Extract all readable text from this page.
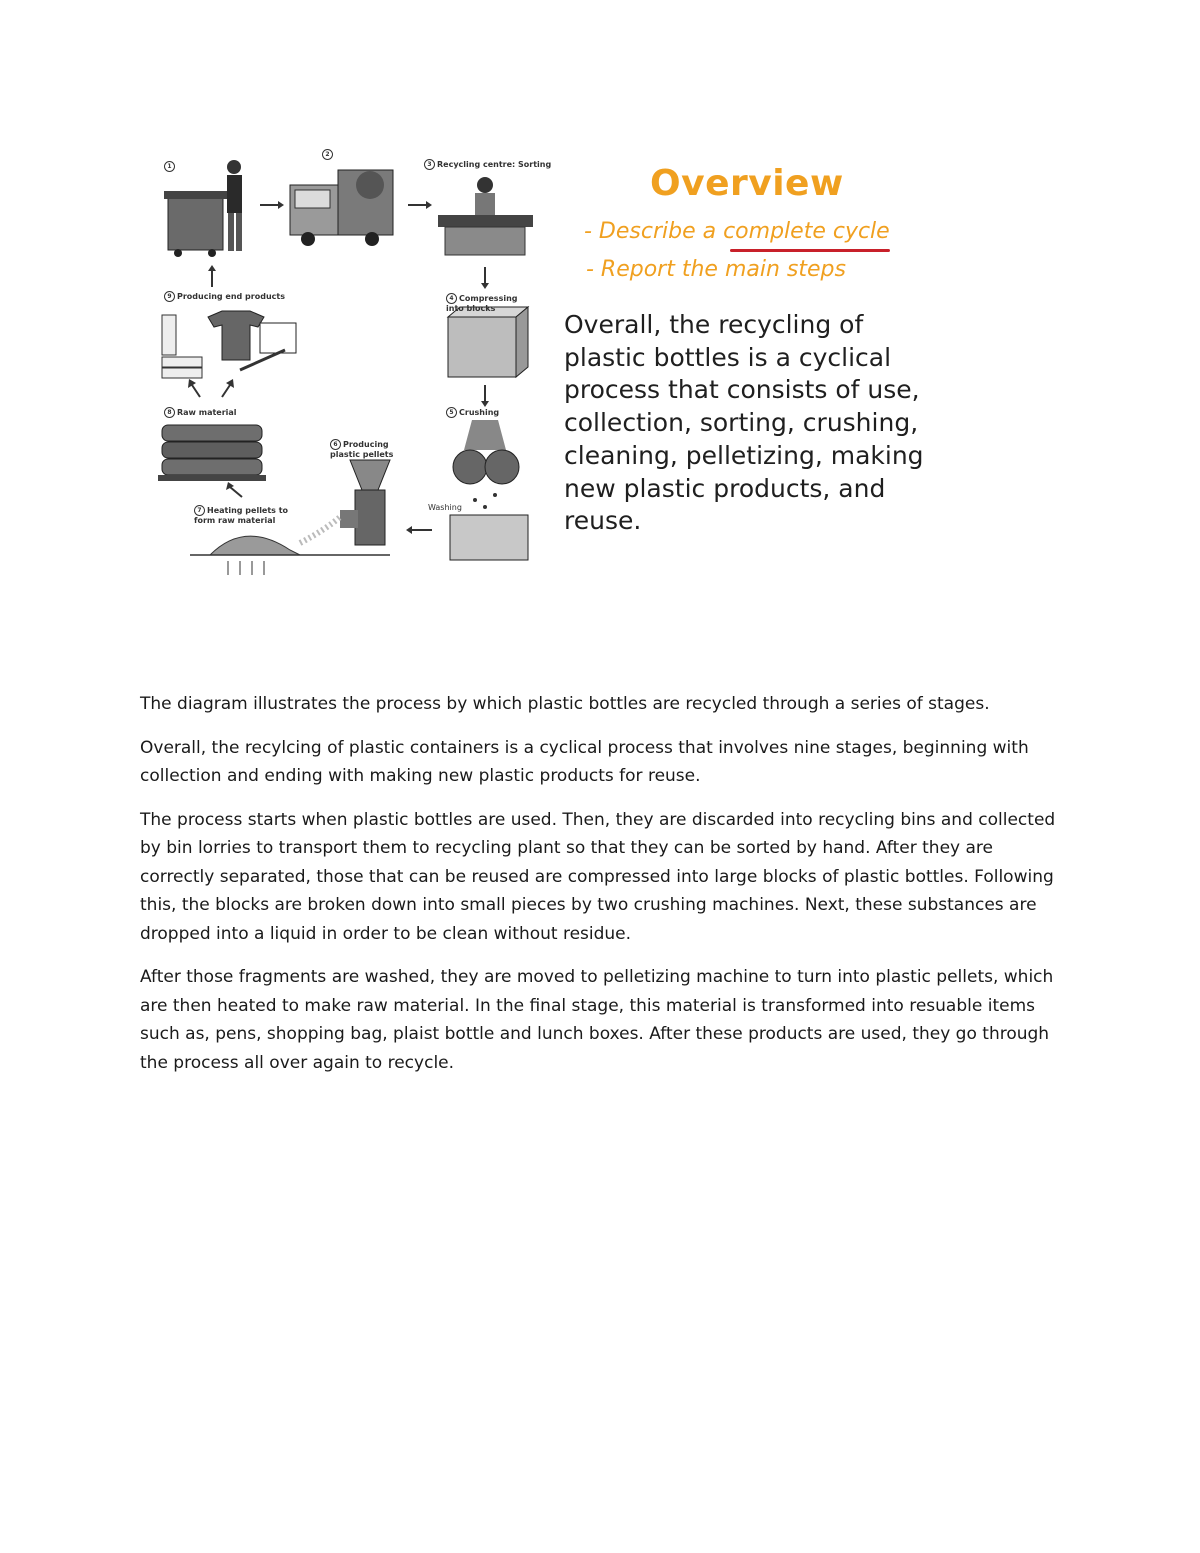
1
2
3 Recycling centre: Sorting
4 Compressing into blocks
5 Crushing
Washing
6 Producing plastic pellets
7 Heating pellets to form raw material
8 Raw material
9 Producing end products
Overview
- Describe a complete cycle
- Report the main steps
Overall, the recycling of plastic bottles is a cyclical process that consists of use, collection, sorting, crushing, cleaning, pelletizing, making new plastic products, and reuse.

The diagram illustrates the process by which plastic bottles are recycled through a series of stages.

Overall, the recylcing of plastic containers is a cyclical process that involves nine stages, beginning with collection and ending with making new plastic products for reuse.

The process starts when plastic bottles are used. Then, they are discarded into recycling bins and collected by bin lorries to transport them to recycling plant so that they can be sorted by hand. After they are correctly separated, those that can be reused are compressed into large blocks of plastic bottles. Following this, the blocks are broken down into small pieces by two crushing machines. Next, these substances are dropped into a liquid in order to be clean without residue.

After those fragments are washed, they are moved to pelletizing machine to turn into plastic pellets, which are then heated to make raw material. In the final stage, this material is transformed into resuable items such as, pens, shopping bag, plaist bottle and lunch boxes. After these products are used, they go through the process all over again to recycle.
